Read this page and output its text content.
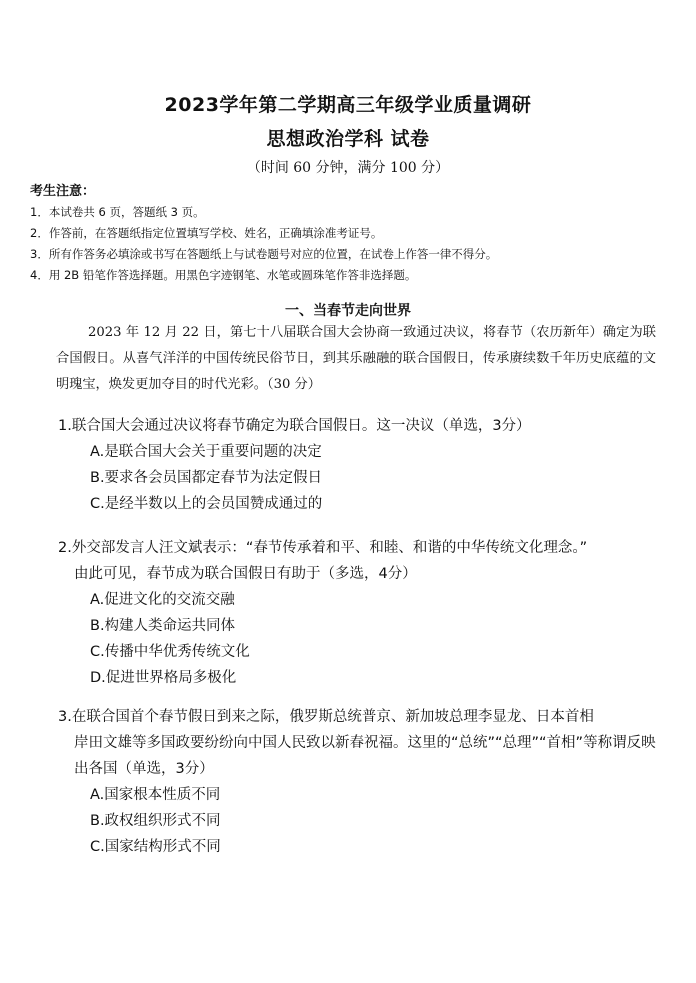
2023学年第二学期高三年级学业质量调研
思想政治学科 试卷
（时间 60 分钟，满分 100 分）
考生注意：
1．本试卷共 6 页，答题纸 3 页。
2．作答前，在答题纸指定位置填写学校、姓名，正确填涂准考证号。
3．所有作答务必填涂或书写在答题纸上与试卷题号对应的位置，在试卷上作答一律不得分。
4．用 2B 铅笔作答选择题。用黑色字迹钢笔、水笔或圆珠笔作答非选择题。
一、当春节走向世界

2023 年 12 月 22 日，第七十八届联合国大会协商一致通过决议，将春节（农历新年）确定为联合国假日。从喜气洋洋的中国传统民俗节日，到其乐融融的联合国假日，传承赓续数千年历史底蕴的文明瑰宝，焕发更加夺目的时代光彩。（30 分）

1.联合国大会通过决议将春节确定为联合国假日。这一决议（单选，3分）

A.是联合国大会关于重要问题的决定

B.要求各会员国都定春节为法定假日

C.是经半数以上的会员国赞成通过的

2.外交部发言人汪文斌表示：“春节传承着和平、和睦、和谐的中华传统文化理念。”

由此可见，春节成为联合国假日有助于（多选，4分）

A.促进文化的交流交融

B.构建人类命运共同体

C.传播中华优秀传统文化

D.促进世界格局多极化

3.在联合国首个春节假日到来之际，俄罗斯总统普京、新加坡总理李显龙、日本首相

岸田文雄等多国政要纷纷向中国人民致以新春祝福。这里的“总统”“总理”“首相”等称谓反映出各国（单选，3分）

A.国家根本性质不同

B.政权组织形式不同

C.国家结构形式不同
